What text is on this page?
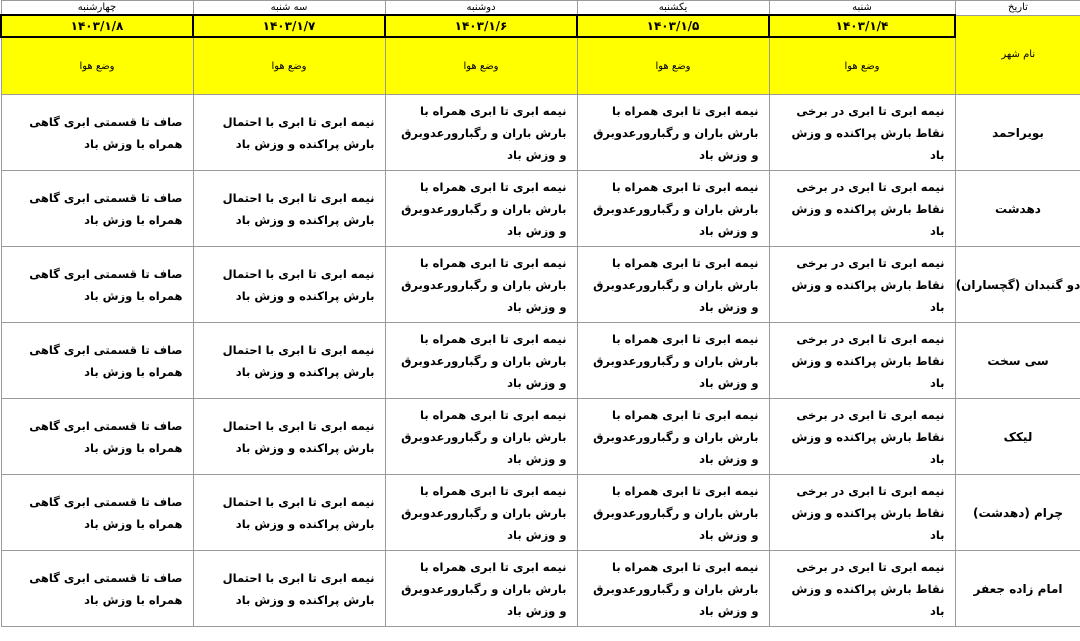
تاریخ	شنبه	یکشنبه	دوشنبه	سه شنبه	چهارشنبه
نام شهر	۱۴۰۳/۱/۴	۱۴۰۳/۱/۵	۱۴۰۳/۱/۶	۱۴۰۳/۱/۷	۱۴۰۳/۱/۸
	وضع هوا	وضع هوا	وضع هوا	وضع هوا	وضع هوا
بویراحمد	نیمه ابری تا ابری در برخی نقاط بارش پراکنده و وزش باد	نیمه ابری تا ابری همراه با بارش باران و رگبارورعدوبرق و وزش باد	نیمه ابری تا ابری همراه با بارش باران و رگبارورعدوبرق و وزش باد	نیمه ابری تا ابری با احتمال بارش پراکنده و وزش باد	صاف تا قسمتی ابری گاهی همراه با وزش باد
دهدشت	نیمه ابری تا ابری در برخی نقاط بارش پراکنده و وزش باد	نیمه ابری تا ابری همراه با بارش باران و رگبارورعدوبرق و وزش باد	نیمه ابری تا ابری همراه با بارش باران و رگبارورعدوبرق و وزش باد	نیمه ابری تا ابری با احتمال بارش پراکنده و وزش باد	صاف تا قسمتی ابری گاهی همراه با وزش باد
دو گنبدان (گچساران)	نیمه ابری تا ابری در برخی نقاط بارش پراکنده و وزش باد	نیمه ابری تا ابری همراه با بارش باران و رگبارورعدوبرق و وزش باد	نیمه ابری تا ابری همراه با بارش باران و رگبارورعدوبرق و وزش باد	نیمه ابری تا ابری با احتمال بارش پراکنده و وزش باد	صاف تا قسمتی ابری گاهی همراه با وزش باد
سی سخت	نیمه ابری تا ابری در برخی نقاط بارش پراکنده و وزش باد	نیمه ابری تا ابری همراه با بارش باران و رگبارورعدوبرق و وزش باد	نیمه ابری تا ابری همراه با بارش باران و رگبارورعدوبرق و وزش باد	نیمه ابری تا ابری با احتمال بارش پراکنده و وزش باد	صاف تا قسمتی ابری گاهی همراه با وزش باد
لیکک	نیمه ابری تا ابری در برخی نقاط بارش پراکنده و وزش باد	نیمه ابری تا ابری همراه با بارش باران و رگبارورعدوبرق و وزش باد	نیمه ابری تا ابری همراه با بارش باران و رگبارورعدوبرق و وزش باد	نیمه ابری تا ابری با احتمال بارش پراکنده و وزش باد	صاف تا قسمتی ابری گاهی همراه با وزش باد
چرام (دهدشت)	نیمه ابری تا ابری در برخی نقاط بارش پراکنده و وزش باد	نیمه ابری تا ابری همراه با بارش باران و رگبارورعدوبرق و وزش باد	نیمه ابری تا ابری همراه با بارش باران و رگبارورعدوبرق و وزش باد	نیمه ابری تا ابری با احتمال بارش پراکنده و وزش باد	صاف تا قسمتی ابری گاهی همراه با وزش باد
امام زاده جعفر	نیمه ابری تا ابری در برخی نقاط بارش پراکنده و وزش باد	نیمه ابری تا ابری همراه با بارش باران و رگبارورعدوبرق و وزش باد	نیمه ابری تا ابری همراه با بارش باران و رگبارورعدوبرق و وزش باد	نیمه ابری تا ابری با احتمال بارش پراکنده و وزش باد	صاف تا قسمتی ابری گاهی همراه با وزش باد
